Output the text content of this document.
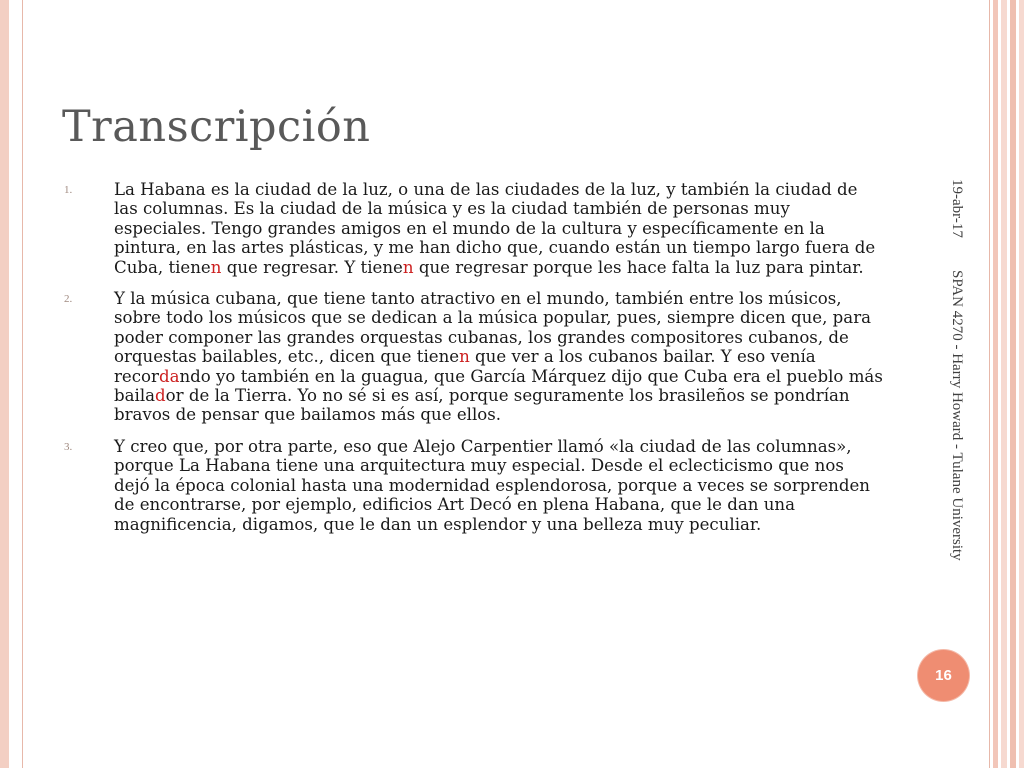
Transcripción
1.	La Habana es la ciudad de la luz, o una de las ciudades de la luz, y también la ciudad de las columnas. Es la ciudad de la música y es la ciudad también de personas muy especiales. Tengo grandes amigos en el mundo de la cultura y específicamente en la pintura, en las artes plásticas, y me han dicho que, cuando están un tiempo largo fuera de Cuba, tienen que regresar. Y tienen que regresar porque les hace falta la luz para pintar.
2.	Y la música cubana, que tiene tanto atractivo en el mundo, también entre los músicos, sobre todo los músicos que se dedican a la música popular, pues, siempre dicen que, para poder componer las grandes orquestas cubanas, los grandes compositores cubanos, de orquestas bailables, etc., dicen que tienen que ver a los cubanos bailar. Y eso venía recordando yo también en la guagua, que García Márquez dijo que Cuba era el pueblo más bailador de la Tierra. Yo no sé si es así, porque seguramente los brasileños se pondrían bravos de pensar que bailamos más que ellos.
3.	Y creo que, por otra parte, eso que Alejo Carpentier llamó «la ciudad de las columnas», porque La Habana tiene una arquitectura muy especial. Desde el eclecticismo que nos dejó la época colonial hasta una modernidad esplendorosa, porque a veces se sorprenden de encontrarse, por ejemplo, edificios Art Decó en plena Habana, que le dan una magnificencia, digamos, que le dan un esplendor y una belleza muy peculiar.
19-abr-17
SPAN 4270 - Harry Howard - Tulane University
16
